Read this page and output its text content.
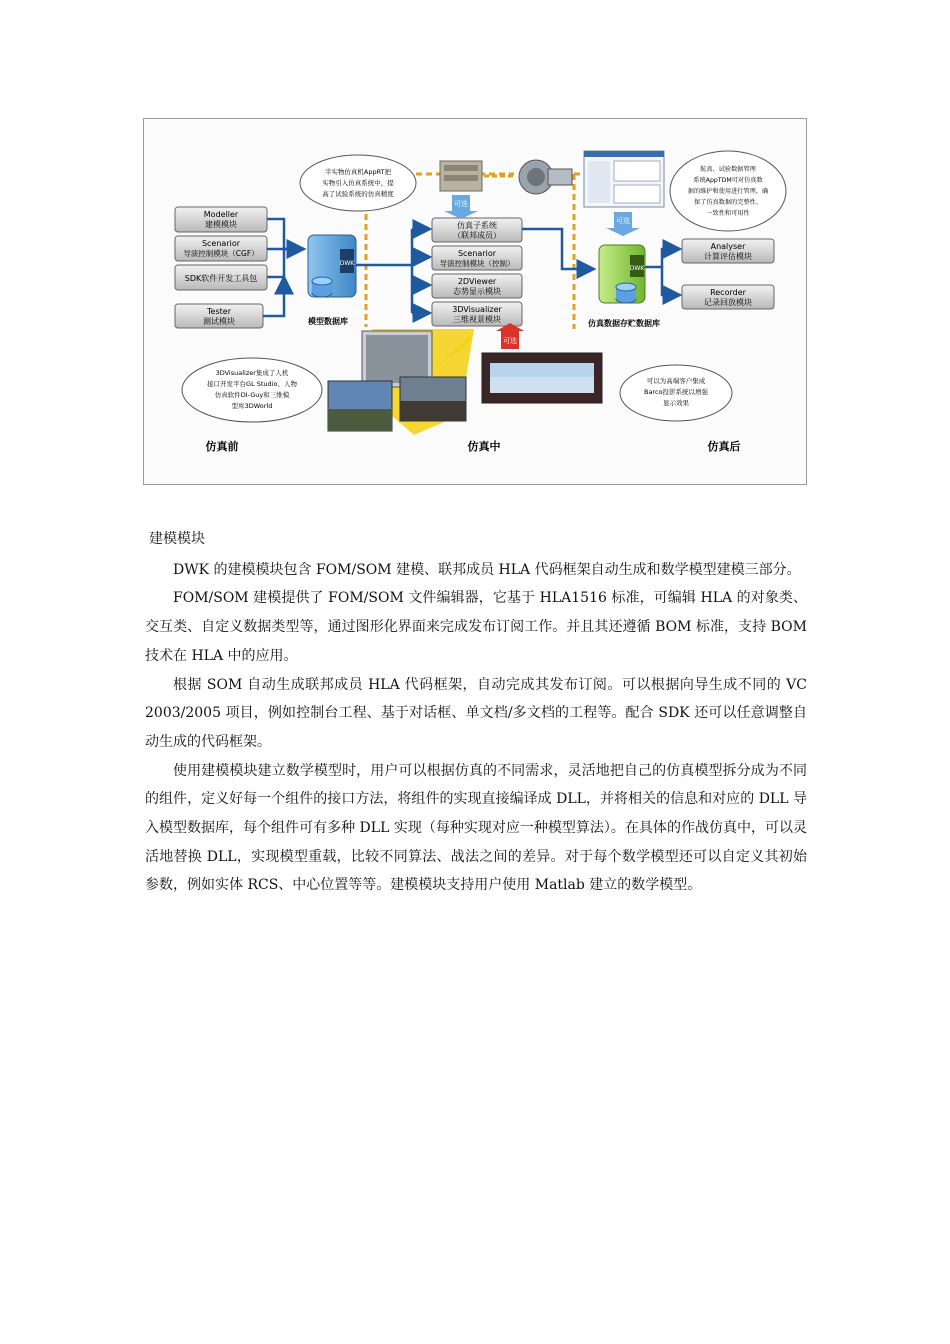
Modeller
建模模块
Scenarior
导演控制模块（CGF）
SDK软件开发工具包
Tester
测试模块
DWK
模型数据库
仿真子系统
（联邦成员）
Scenarior
导演控制模块（控制）
2DViewer
态势显示模块
3DVisualizer
三维视景模块
可选
可选
DWK
仿真数据存贮数据库
Analyser
计算评估模块
Recorder
记录回放模块
半实物仿真机AppRT把
实物引入仿真系统中，提
高了试验系统的仿真精度
航真、试验数据管理
系统AppTDM可对仿真数
据的维护和使用进行管理，确
保了仿真数据的完整性、
一致性和可用性
3DVisualizer集成了人机
接口开发平台GL Studio、人物
仿真软件DI-Guy和三维模
型库3DWorld
可以为高端客户集成
Barco投影系统以增强
显示效果
可选
仿真前	仿真中	仿真后
建模模块

DWK 的建模模块包含 FOM/SOM 建模、联邦成员 HLA 代码框架自动生成和数学模型建模三部分。

FOM/SOM 建模提供了 FOM/SOM 文件编辑器，它基于 HLA1516 标准，可编辑 HLA 的对象类、交互类、自定义数据类型等，通过图形化界面来完成发布订阅工作。并且其还遵循 BOM 标准，支持 BOM 技术在 HLA 中的应用。

根据 SOM 自动生成联邦成员 HLA 代码框架，自动完成其发布订阅。可以根据向导生成不同的 VC 2003/2005 项目，例如控制台工程、基于对话框、单文档/多文档的工程等。配合 SDK 还可以任意调整自动生成的代码框架。

使用建模模块建立数学模型时，用户可以根据仿真的不同需求，灵活地把自己的仿真模型拆分成为不同的组件，定义好每一个组件的接口方法，将组件的实现直接编译成 DLL，并将相关的信息和对应的 DLL 导入模型数据库，每个组件可有多种 DLL 实现（每种实现对应一种模型算法）。在具体的作战仿真中，可以灵活地替换 DLL，实现模型重载，比较不同算法、战法之间的差异。对于每个数学模型还可以自定义其初始参数，例如实体 RCS、中心位置等等。建模模块支持用户使用 Matlab 建立的数学模型。
